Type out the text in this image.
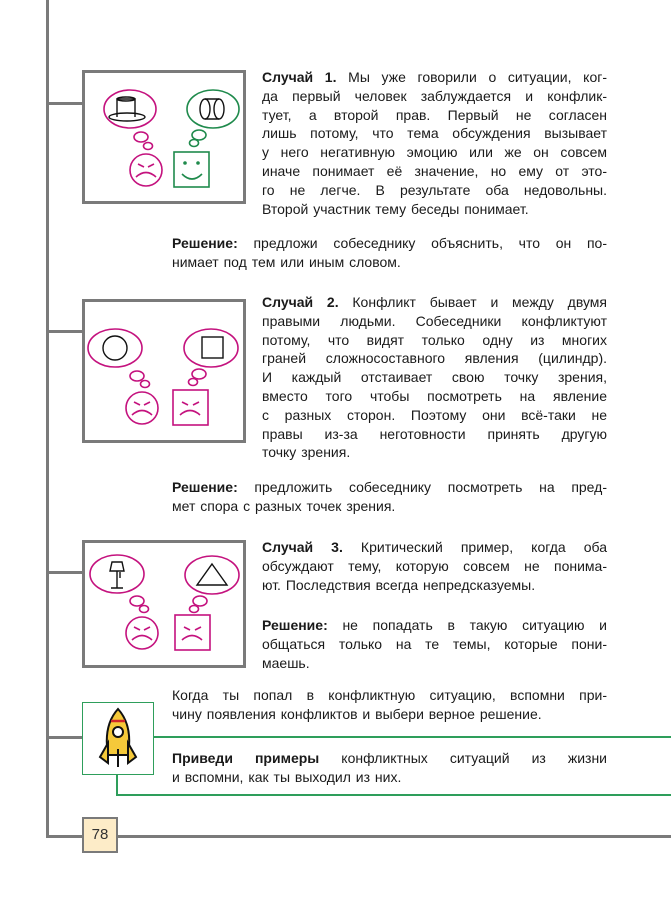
Случай 1. Мы уже говорили о ситуации, ког-
да первый человек заблуждается и конфлик-
тует, а второй прав. Первый не согласен
лишь потому, что тема обсуждения вызывает
у него негативную эмоцию или же он совсем
иначе понимает её значение, но ему от это-
го не легче. В результате оба недовольны.
Второй участник тему беседы понимает.
Решение: предложи собеседнику объяснить, что он по-
нимает под тем или иным словом.
Случай 2. Конфликт бывает и между двумя
правыми людьми. Собеседники конфликтуют
потому, что видят только одну из многих
граней сложносоставного явления (цилиндр).
И каждый отстаивает свою точку зрения,
вместо того чтобы посмотреть на явление
с разных сторон. Поэтому они всё-таки не
правы из-за неготовности принять другую
точку зрения.
Решение: предложить собеседнику посмотреть на пред-
мет спора с разных точек зрения.
Случай 3. Критический пример, когда оба
обсуждают тему, которую совсем не понима-
ют. Последствия всегда непредсказуемы.
Решение: не попадать в такую ситуацию и
общаться только на те темы, которые пони-
маешь.
Когда ты попал в конфликтную ситуацию, вспомни при-
чину появления конфликтов и выбери верное решение.
Приведи примеры конфликтных ситуаций из жизни
и вспомни, как ты выходил из них.
78
